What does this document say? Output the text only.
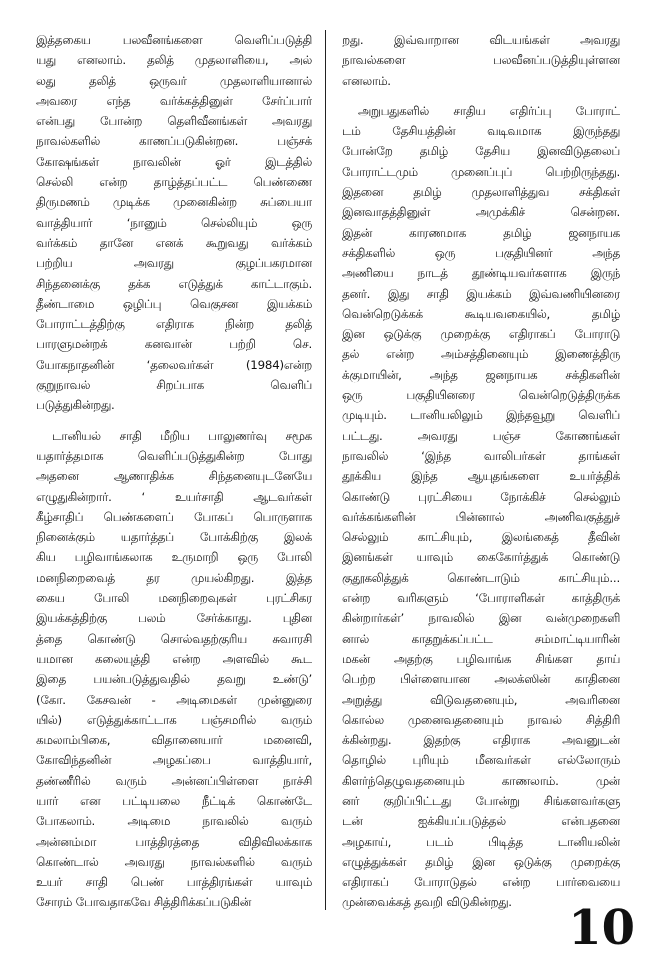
இத்தகைய பலவீனங்களை வெளிப்படுத்தி
யது எனலாம். தலித் முதலாளியை, அல்
லது தலித் ஒருவர் முதலாளியானால்
அவரை எந்த வர்க்கத்தினுள் சேர்ப்பார்
என்பது போன்ற தெளிவீனங்கள் அவரது
நாவல்களில் காணப்படுகின்றன. பஞ்சக்
கோஷங்கள் நாவலின் ஓர் இடத்தில்
செல்லி என்ற தாழ்த்தப்பட்ட பெண்ணை
திருமணம் முடிக்க முனைகின்ற சுப்பையா
வாத்தியார் ‘நானும் செல்லியும் ஒரு
வர்க்கம் தானே எனக் கூறுவது வர்க்கம்
பற்றிய அவரது குழப்பகரமான
சிந்தனைக்கு தக்க எடுத்துக் காட்டாகும்.
தீண்டாமை ஒழிப்பு வெகுசன இயக்கம்
போராட்டத்திற்கு எதிராக நின்ற தலித்
பாரளுமன்றக் கனவான் பற்றி செ.
யோகநாதனின் ‘தலைவர்கள் (1984)என்ற
குறுநாவல் சிறப்பாக வெளிப்
படுத்துகின்றது.
டானியல் சாதி மீறிய பாலுணர்வு சமூக
யதார்த்தமாக வெளிப்படுத்துகின்ற போது
அதனை ஆணாதிக்க சிந்தனையுடனேயே
எழுதுகின்றார். ‘ உயர்சாதி ஆடவர்கள்
கீழ்சாதிப் பெண்களைப் போகப் பொருளாக
நினைக்கும் யதார்த்தப் போக்கிற்கு இலக்
கிய பழிவாங்கலாக உருமாறி ஒரு போலி
மனநிறைவைத் தர முயல்கிறது. இத்த
கைய போலி மனநிறைவுகள் புரட்சிகர
இயக்கத்திற்கு பலம் சேர்க்காது. புதின
த்தை கொண்டு சொல்வதற்குரிய சுவாரசி
யமான கலையுத்தி என்ற அளவில் கூட
இதை பயன்படுத்துவதில் தவறு உண்டு’
(கோ. கேசவன் - அடிமைகள் முன்னுரை
யில்) எடுத்துக்காட்டாக பஞ்சமரில் வரும்
கமலாம்பிகை, விதானையார் மனைவி,
கோவிந்தனின் அழகப்பை வாத்தியார்,
தண்ணீரில் வரும் அன்னப்பிள்ளை நாச்சி
யார் என பட்டியலை நீட்டிக் கொண்டே
போகலாம். அடிமை நாவலில் வரும்
அன்னம்மா பாத்திரத்தை விதிவிலக்காக
கொண்டால் அவரது நாவல்களில் வரும்
உயர் சாதி பெண் பாத்திரங்கள் யாவும்
சோரம் போவதாகவே சித்திரிக்கப்படுகின்
றது. இவ்வாறான விடயங்கள் அவரது
நாவல்களை பலவீனப்படுத்தியுள்ளன
எனலாம்.
அறுபதுகளில் சாதிய எதிர்ப்பு போராட்
டம் தேசியத்தின் வடிவமாக இருந்தது
போன்றே தமிழ் தேசிய இனவிடுதலைப்
போராட்டமும் முனைப்புப் பெற்றிருந்தது.
இதனை தமிழ் முதலாளித்துவ சக்திகள்
இனவாதத்தினுள் அமுக்கிச் சென்றன.
இதன் காரணமாக தமிழ் ஜனநாயக
சக்திகளில் ஒரு பகுதியினர் அந்த
அணியை நாடத் தூண்டியவர்களாக இருந்
தனர். இது சாதி இயக்கம் இவ்வணியினரை
வென்றெடுக்கக் கூடியவகையில், தமிழ்
இன ஒடுக்கு முறைக்கு எதிராகப் போராடு
தல் என்ற அம்சத்தினையும் இணைத்திரு
க்குமாயின், அந்த ஜனநாயக சக்திகளின்
ஒரு பகுதியினரை வென்றெடுத்திருக்க
முடியும். டானியலிலும் இந்தவூறு வெளிப்
பட்டது. அவரது பஞ்ச கோணங்கள்
நாவலில் ‘இந்த வாலிபர்கள் தாங்கள்
தூக்கிய இந்த ஆயுதங்களை உயர்த்திக்
கொண்டு புரட்சியை நோக்கிச் செல்லும்
வர்க்கங்களின் பின்னால் அணிவகுத்துச்
செல்லும் காட்சியும், இலங்கைத் தீவின்
இனங்கள் யாவும் கைகோர்த்துக் கொண்டு
குதூகலித்துக் கொண்டாடும் காட்சியும்...
என்ற வரிகளும் ‘போராளிகள் காத்திருக்
கின்றார்கள்’ நாவலில் இன வன்முறைகளி
னால் காதறுக்கப்பட்ட சம்மாட்டியாரின்
மகன் அதற்கு பழிவாங்க சிங்கள தாய்
பெற்ற பிள்ளையான அலக்ஸின் காதினை
அறுத்து விடுவதனையும், அவரினை
கொல்ல முனைவதனையும் நாவல் சித்திரி
க்கின்றது. இதற்கு எதிராக அவனுடன்
தொழில் புரியும் மீனவர்கள் எல்லோரும்
கிளர்ந்தெழுவதனையும் காணலாம். முன்
னர் குறிப்பிட்டது போன்று சிங்களவர்களு
டன் ஐக்கியப்படுத்தல் என்பதனை
அழகாய், படம் பிடித்த டானியலின்
எழுத்துக்கள் தமிழ் இன ஒடுக்கு முறைக்கு
எதிராகப் போராடுதல் என்ற பார்வையை
முன்வைக்கத் தவறி விடுகின்றது.	10
